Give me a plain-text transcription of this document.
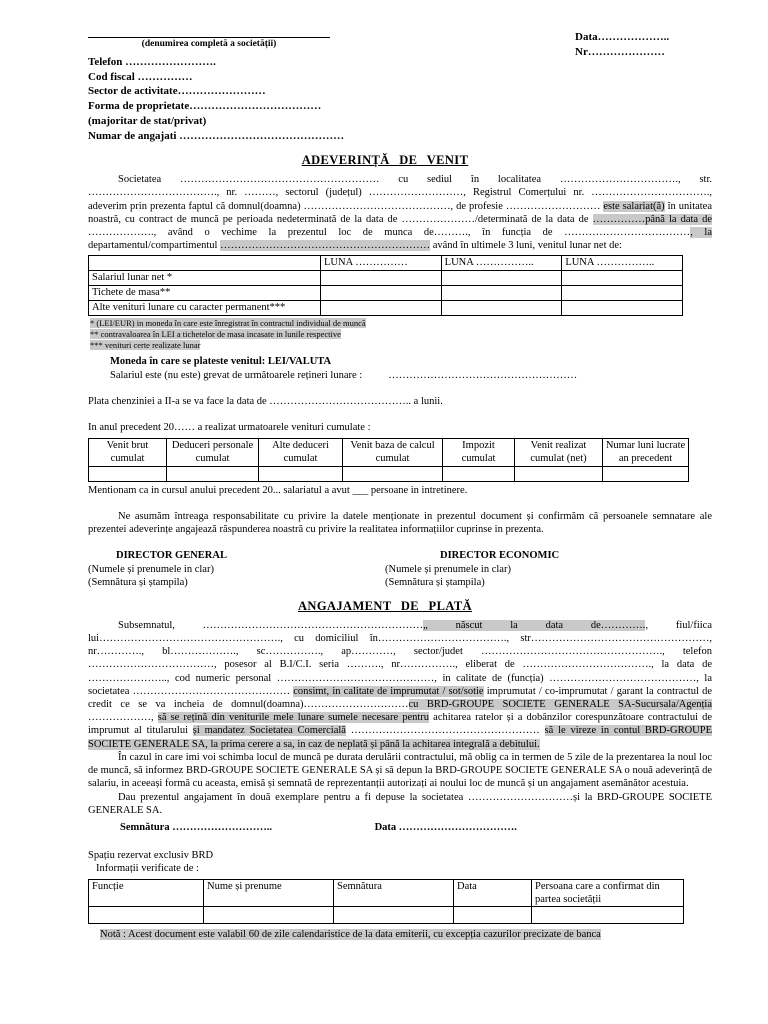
Data………………..
Nr…………………
(denumirea completă a societății)
Telefon …………………….
Cod fiscal ……………
Sector de activitate……………………
Forma de proprietate………………………………
(majoritar de stat/privat)
Numar de angajati ………………………………………
ADEVERINȚĂ DE VENIT

Societatea ………………………………………………… cu sediul în localitatea ……………………………., str. ………………………………., nr. ………, sectorul (județul) ………………………, Registrul Comerțului nr. ……………………………., adeverim prin prezenta faptul că domnul(doamna) ……………………………………, de profesie ……………………… este salariat(ă) în unitatea noastră, cu contract de muncă pe perioada nedeterminată de la data de …………………/determinată de la data de ……………până la data de ………………., având o vechime la prezentul loc de munca de………., în funcția de ………………………………, la departamentul/compartimentul …………………………………………………… având în ultimele 3 luni, venitul lunar net de:

	LUNA ……………	LUNA ……………..	LUNA ……………..
Salariul lunar net *			
Tichete de masa**			
Alte venituri lunare cu caracter permanent***			
* (LEI/EUR) in moneda în care este înregistrat în contractul individual de muncă
** contravaloarea în LEI a tichetelor de masa incasate in lunile respective
*** venituri certe realizate lunar
Moneda în care se plateste venitul: LEI/VALUTA
Salariul este (nu este) grevat de următoarele rețineri lunare : ………………………………………………
Plata chenziniei a II-a se va face la data de ………………………………….. a lunii.
In anul precedent 20…… a realizat urmatoarele venituri cumulate :
Venit brut cumulat	Deduceri personale cumulat	Alte deduceri cumulat	Venit baza de calcul cumulat	Impozit cumulat	Venit realizat cumulat (net)	Numar luni lucrate an precedent

Mentionam ca in cursul anului precedent 20... salariatul a avut ___ persoane in intretinere.

Ne asumăm întreaga responsabilitate cu privire la datele menționate in prezentul document și confirmăm că persoanele semnatare ale prezentei adeverințe angajează răspunderea noastră cu privire la realitatea informațiilor cuprinse in prezenta.

DIRECTOR GENERAL
(Numele și prenumele in clar)
(Semnătura și ștampila)
DIRECTOR ECONOMIC
(Numele și prenumele in clar)
(Semnătura și ștampila)
ANGAJAMENT DE PLATĂ

Subsemnatul, ………………………………………………………„ născut la data de…………., fiul/fiica lui……………………………………………., cu domiciliul în………………………………., str……………………………………………, nr…………., bl………………., sc……………., ap…………, sector/judet ……………………………………………., telefon ………………………………, posesor al B.I/C.I. seria ………., nr……………., eliberat de ………………………………., la data de ………………….., cod numeric personal ………………………………………, in calitate de (funcția) ……………………………………, la societatea ……………………………………… consimt, in calitate de imprumutat / sot/sotie imprumutat / co-imprumutat / garant la contractul de credit ce se va incheia de domnul(doamna)…………………………cu BRD-GROUPE SOCIETE GENERALE SA-Sucursala/Agenția ………………, să se rețină din veniturile mele lunare sumele necesare pentru achitarea ratelor și a dobânzilor corespunzătoare contractului de imprumut al titularului și mandatez Societatea Comercială ……………………………………………… să le vireze in contul BRD-GROUPE SOCIETE GENERALE SA, la prima cerere a sa, in caz de neplată și până la achitarea integrală a debitului.

În cazul in care imi voi schimba locul de muncă pe durata derulării contractului, mă oblig ca in termen de 5 zile de la prezentarea la noul loc de muncă, să informez BRD-GROUPE SOCIETE GENERALE SA și să depun la BRD-GROUPE SOCIETE GENERALE SA o nouă adeverință de salariu, in aceeași formă cu aceasta, emisă și semnată de reprezentanții autorizați ai noului loc de muncă și un angajament asemănător acestuia.

Dau prezentul angajament în două exemplare pentru a fi depuse la societatea …………………………și la BRD-GROUPE SOCIETE GENERALE SA.

Semnătura ………………………..	Data …………………………….
Spațiu rezervat exclusiv BRD
Informații verificate de :
Funcție	Nume și prenume	Semnătura	Data	Persoana care a confirmat din partea societății

Notă : Acest document este valabil 60 de zile calendaristice de la data emiterii, cu excepția cazurilor precizate de banca
